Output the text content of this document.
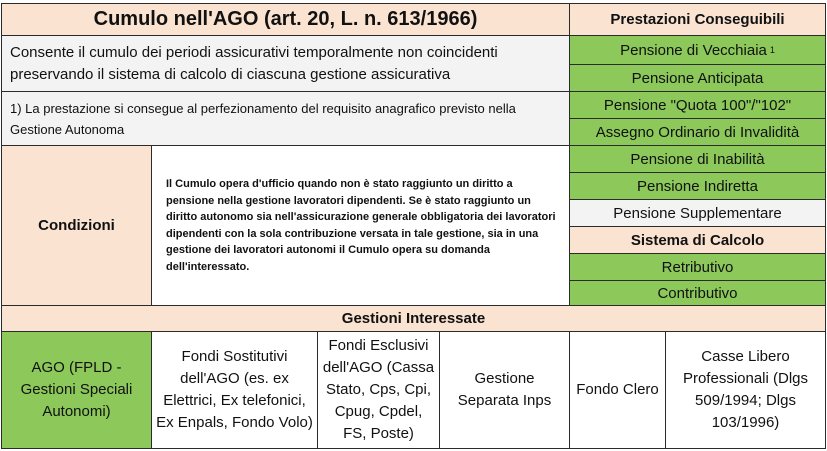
Cumulo nell'AGO (art. 20, L. n. 613/1966)	Prestazioni Conseguibili
Consente il cumulo dei periodi assicurativi temporalmente non coincidenti preservando il sistema di calcolo di ciascuna gestione assicurativa
1) La prestazione si consegue al perfezionamento del requisito anagrafico previsto nella Gestione Autonoma
Condizioni
Il Cumulo opera d'ufficio quando non è stato raggiunto un diritto a pensione nella gestione lavoratori dipendenti. Se è stato raggiunto un diritto autonomo sia nell'assicurazione generale obbligatoria dei lavoratori dipendenti con la sola contribuzione versata in tale gestione, sia in una gestione dei lavoratori autonomi il Cumulo opera su domanda dell'interessato.
Pensione di Vecchiaia 1
Pensione Anticipata
Pensione "Quota 100"/"102"
Assegno Ordinario di Invalidità
Pensione di Inabilità
Pensione Indiretta
Pensione Supplementare
Sistema di Calcolo
Retributivo
Contributivo
Gestioni Interessate
AGO (FPLD - Gestioni Speciali Autonomi)
Fondi Sostitutivi dell'AGO (es. ex Elettrici, Ex telefonici, Ex Enpals, Fondo Volo)
Fondi Esclusivi dell'AGO (Cassa Stato, Cps, Cpi, Cpug, Cpdel, FS, Poste)
Gestione Separata Inps
Fondo Clero
Casse Libero Professionali (Dlgs 509/1994; Dlgs 103/1996)
